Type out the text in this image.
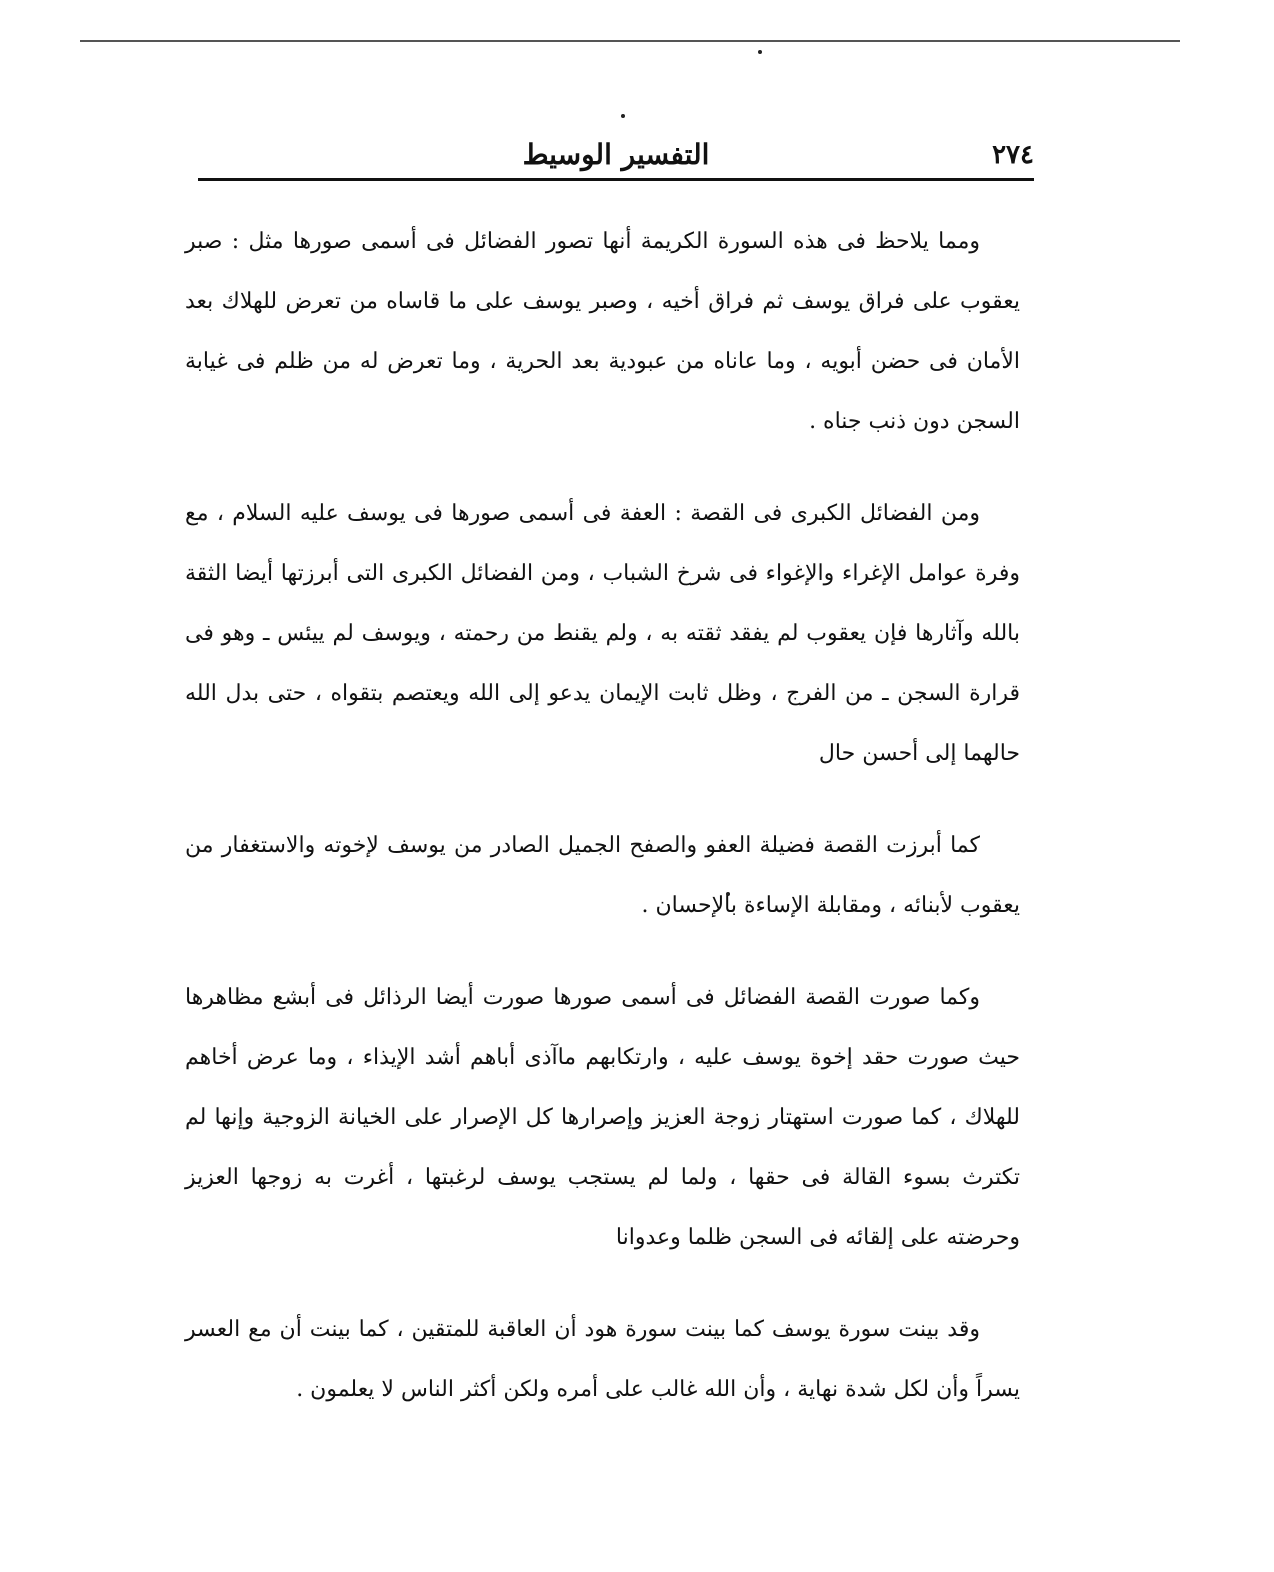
٢٧٤
التفسير الوسيط

ومما يلاحظ فى هذه السورة الكريمة أنها تصور الفضائل فى أسمى صورها مثل : صبر يعقوب على فراق يوسف ثم فراق أخيه ، وصبر يوسف على ما قاساه من تعرض للهلاك بعد الأمان فى حضن أبويه ، وما عاناه من عبودية بعد الحرية ، وما تعرض له من ظلم فى غيابة السجن دون ذنب جناه .

ومن الفضائل الكبرى فى القصة : العفة فى أسمى صورها فى يوسف عليه السلام ، مع وفرة عوامل الإغراء والإغواء فى شرخ الشباب ، ومن الفضائل الكبرى التى أبرزتها أيضا الثقة بالله وآثارها فإن يعقوب لم يفقد ثقته به ، ولم يقنط من رحمته ، ويوسف لم ييئس ـ وهو فى قرارة السجن ـ من الفرج ، وظل ثابت الإيمان يدعو إلى الله ويعتصم بتقواه ، حتى بدل الله حالهما إلى أحسن حال

كما أبرزت القصة فضيلة العفو والصفح الجميل الصادر من يوسف لإخوته والاستغفار من يعقوب لأبنائه ، ومقابلة الإساءة بالإحسان .

وكما صورت القصة الفضائل فى أسمى صورها صورت أيضا الرذائل فى أبشع مظاهرها حيث صورت حقد إخوة يوسف عليه ، وارتكابهم ماآذى أباهم أشد الإيذاء ، وما عرض أخاهم للهلاك ، كما صورت استهتار زوجة العزيز وإصرارها كل الإصرار على الخيانة الزوجية وإنها لم تكترث بسوء القالة فى حقها ، ولما لم يستجب يوسف لرغبتها ، أغرت به زوجها العزيز وحرضته على إلقائه فى السجن ظلما وعدوانا

وقد بينت سورة يوسف كما بينت سورة هود أن العاقبة للمتقين ، كما بينت أن مع العسر يسراً وأن لكل شدة نهاية ، وأن الله غالب على أمره ولكن أكثر الناس لا يعلمون .
